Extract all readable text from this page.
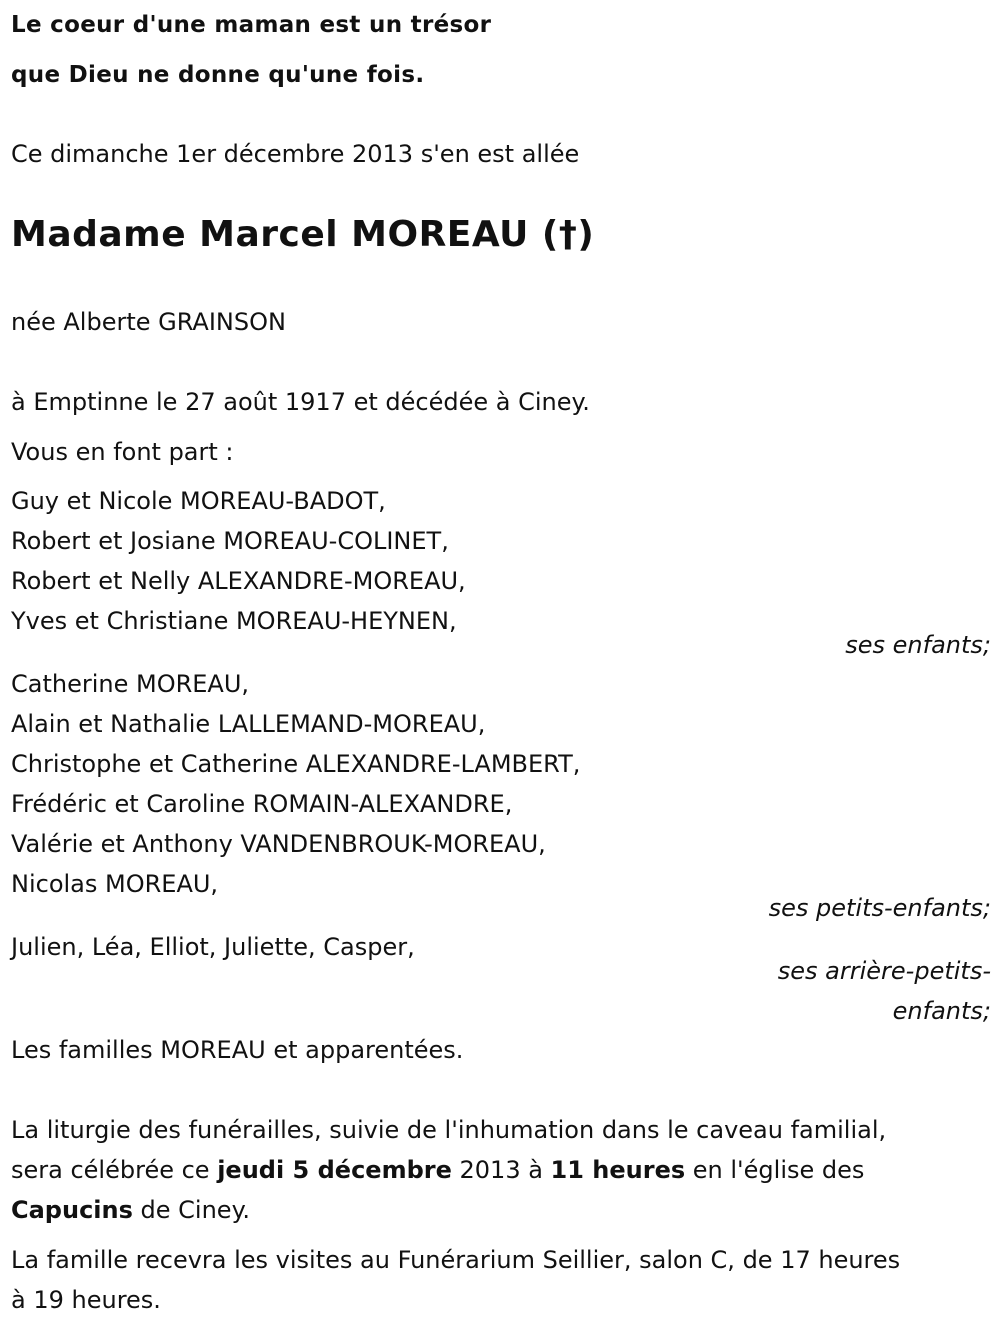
Le coeur d'une maman est un trésor
que Dieu ne donne qu'une fois.
Ce dimanche 1er décembre 2013 s'en est allée
Madame Marcel MOREAU (†)
née Alberte GRAINSON
à Emptinne le 27 août 1917 et décédée à Ciney.
Vous en font part :
Guy et Nicole MOREAU-BADOT,
Robert et Josiane MOREAU-COLINET,
Robert et Nelly ALEXANDRE-MOREAU,
Yves et Christiane MOREAU-HEYNEN,
ses enfants;
Catherine MOREAU,
Alain et Nathalie LALLEMAND-MOREAU,
Christophe et Catherine ALEXANDRE-LAMBERT,
Frédéric et Caroline ROMAIN-ALEXANDRE,
Valérie et Anthony VANDENBROUK-MOREAU,
Nicolas MOREAU,
ses petits-enfants;
Julien, Léa, Elliot, Juliette, Casper,
ses arrière-petits-
enfants;
Les familles MOREAU et apparentées.
La liturgie des funérailles, suivie de l'inhumation dans le caveau familial,
sera célébrée ce jeudi 5 décembre 2013 à 11 heures en l'église des
Capucins de Ciney.
La famille recevra les visites au Funérarium Seillier, salon C, de 17 heures
à 19 heures.
